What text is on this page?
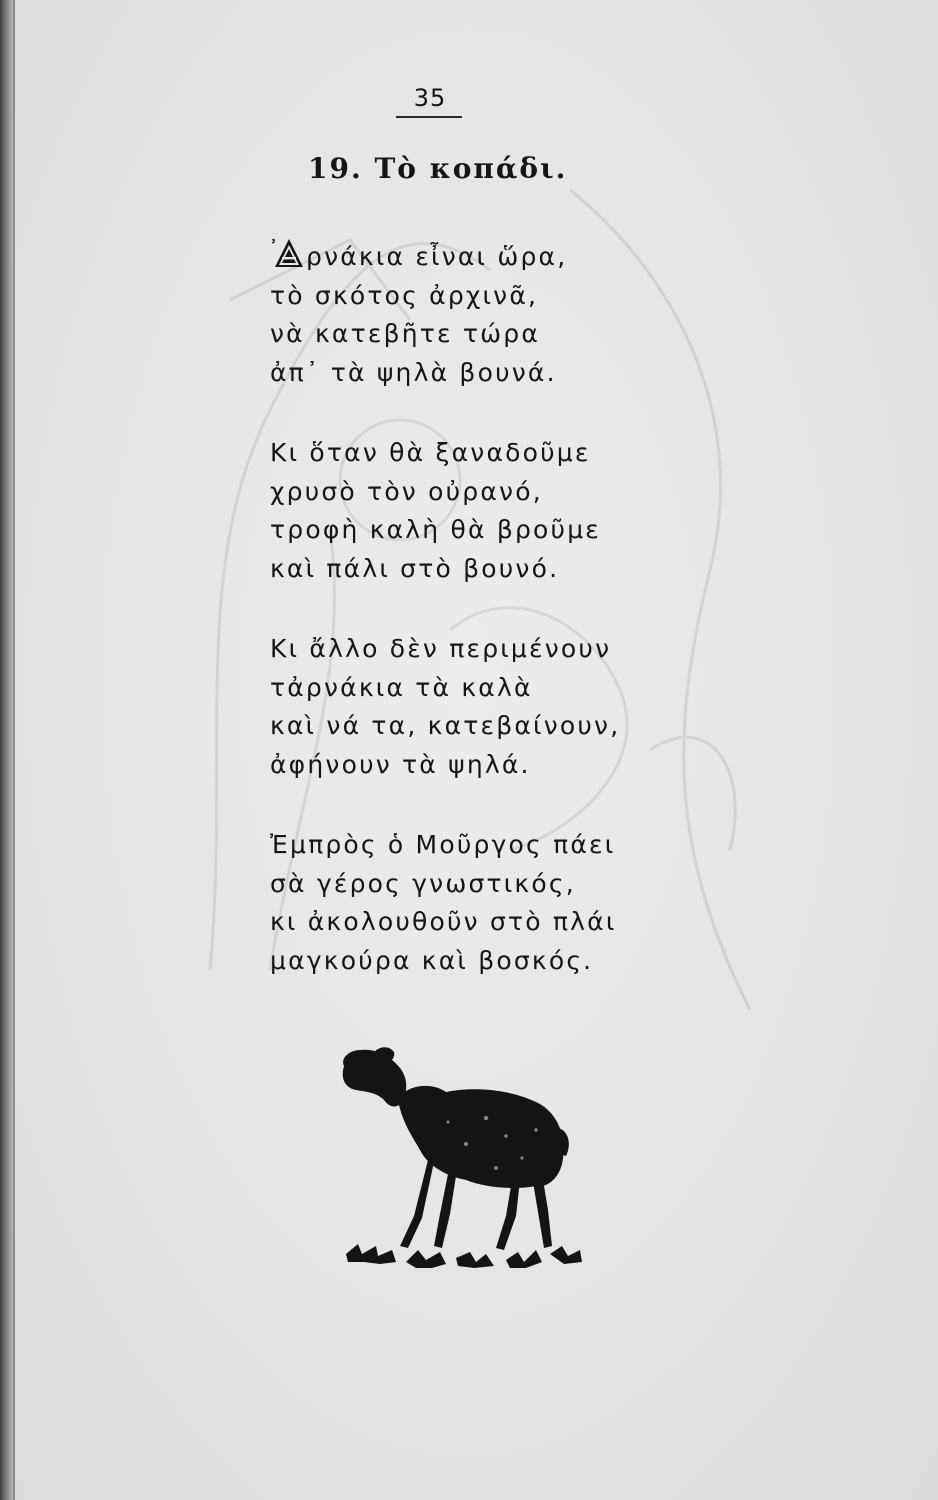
35
19. Τὸ κοπάδι.
᾿ ρνάκια εἶναι ὥρα,
τὸ σκότος ἀρχινᾶ,
νὰ κατεβῆτε τώρα
ἀπ᾽ τὰ ψηλὰ βουνά.
Κι ὅταν θὰ ξαναδοῦμε
χρυσὸ τὸν οὐρανό,
τροφὴ καλὴ θὰ βροῦμε
καὶ πάλι στὸ βουνό.
Κι ἄλλο δὲν περιμένουν
τἀρνάκια τὰ καλὰ
καὶ νά τα, κατεβαίνουν,
ἀφήνουν τὰ ψηλά.
Ἐμπρὸς ὁ Μοῦργος πάει
σὰ γέρος γνωστικός,
κι ἀκολουθοῦν στὸ πλάι
μαγκούρα καὶ βοσκός.
